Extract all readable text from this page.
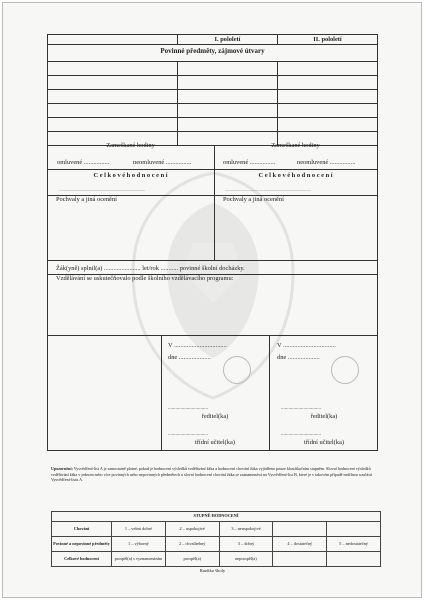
I. pololetí	II. pololetí
Povinné předměty, zájmové útvary
Zameškané hodiny	Zameškané hodiny
omluvené ................	neomluvené ................	omluvené ................	neomluvené ................
C e l k o v é h o d n o c e n í	C e l k o v é h o d n o c e n í
......................................................................................	......................................................................................
Pochvaly a jiná ocenění	Pochvaly a jiná ocenění
Žák(yně) splnil(a) ....................... let/rok ........... povinné školní docházky.
Vzdělávání se uskutečňovalo podle školního vzdělávacího programu:
V .................................
dne ....................
................................
ředitel(ka)
................................
třídní učitel(ka)
V .................................
dne ....................
................................
ředitel(ka)
................................
třídní učitel(ka)
Upozornění: Vysvědčení-list A je samostatně platné, pokud je hodnocení výsledků vzdělávání žáka a hodnocení chování žáka vyjádřeno pouze klasifikačním stupněm. Slovní hodnocení výsledků vzdělávání žáka v jednom nebo více povinných nebo nepovinných předmětech a slovní hodnocení chování žáka se zaznamenává na Vysvědčení-list B, které je v takovém případě nedílnou součástí Vysvědčení-listu A.
STUPNĚ HODNOCENÍ					
Chování	1 – velmi dobré	2 – uspokojivé	3 – neuspokojivé		
Povinné a nepovinné předměty	1 – výborný	2 – chvalitebný	3 – dobrý	4 – dostatečný	5 – nedostatečný
Celkové hodnocení	prospěl(a) s vyznamenáním	prospěl(a)	neprospěl(a)		
Razítko školy
